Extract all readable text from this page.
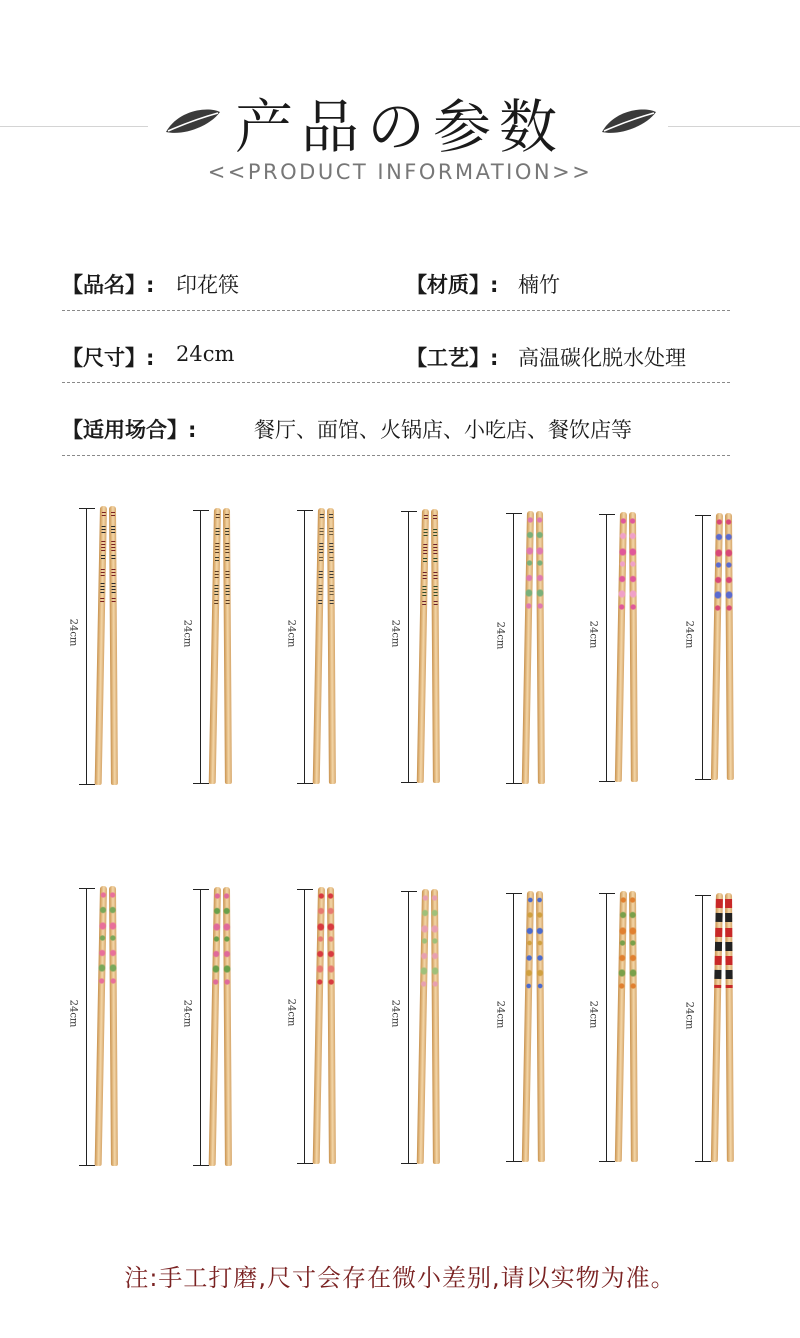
产品の参数
<<PRODUCT INFORMATION>>
【品名】: 印花筷	【材质】: 楠竹
【尺寸】: 24cm	【工艺】: 高温碳化脱水处理
【适用场合】:	餐厅、面馆、火锅店、小吃店、餐饮店等
24cm	24cm	24cm	24cm	24cm	24cm	24cm
24cm	24cm	24cm	24cm	24cm	24cm	24cm
注:手工打磨,尺寸会存在微小差别,请以实物为准。
